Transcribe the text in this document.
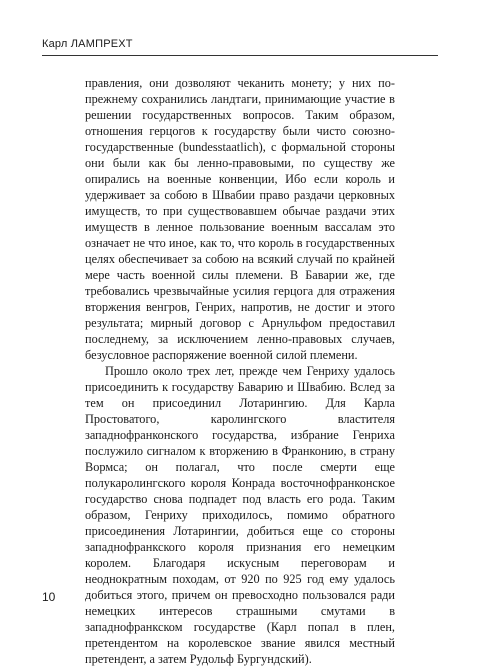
Карл ЛАМПРЕХТ

правления, они дозволяют чеканить монету; у них по-прежнему сохранились ландтаги, принимающие участие в решении государственных вопросов. Таким образом, отношения герцогов к государству были чисто союзно-государственные (bundesstaatlich), с формальной стороны они были как бы ленно-правовыми, по существу же опирались на военные конвенции, Ибо если король и удерживает за собою в Швабии право раздачи церковных имуществ, то при существовавшем обычае раздачи этих имуществ в ленное пользование военным вассалам это означает не что иное, как то, что король в государственных целях обеспечивает за собою на всякий случай по крайней мере часть военной силы племени. В Баварии же, где требовались чрезвычайные усилия герцога для отражения вторжения венгров, Генрих, напротив, не достиг и этого результата; мирный договор с Арнульфом предоставил последнему, за исключением ленно-правовых случаев, безусловное распоряжение военной силой племени.

Прошло около трех лет, прежде чем Генриху удалось присоединить к государству Баварию и Швабию. Вслед за тем он присоединил Лотарингию. Для Карла Простоватого, каролингского властителя западнофранконского государства, избрание Генриха послужило сигналом к вторжению в Франконию, в страну Вормса; он полагал, что после смерти еще полукаролингского короля Конрада восточнофранконское государство снова подпадет под власть его рода. Таким образом, Генриху приходилось, помимо обратного присоединения Лотарингии, добиться еще со стороны западнофранкского короля признания его немецким королем. Благодаря искусным переговорам и неоднократным походам, от 920 по 925 год ему удалось добиться этого, причем он превосходно пользовался ради немецких интересов страшными смутами в западнофранкском государстве (Карл попал в плен, претендентом на королевское звание явился местный претендент, а затем Рудольф Бургундский).

10
